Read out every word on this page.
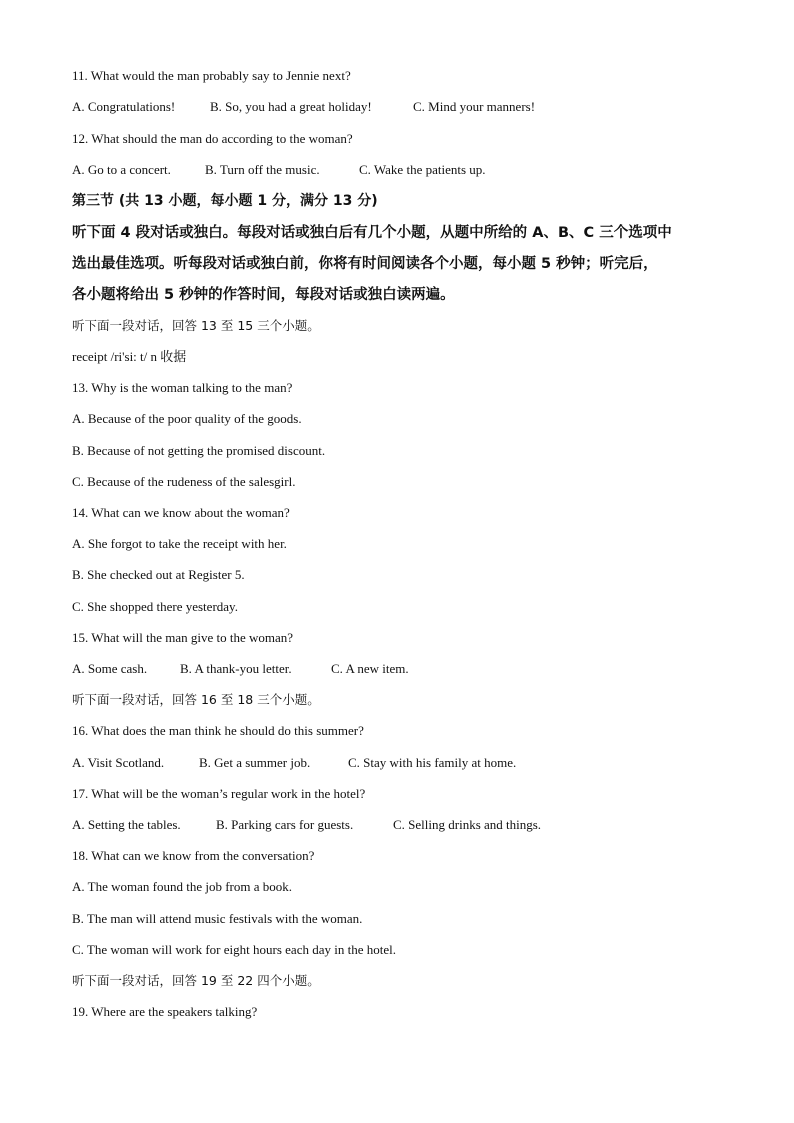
11. What would the man probably say to Jennie next?
A. Congratulations!	B. So, you had a great holiday!	C. Mind your manners!
12. What should the man do according to the woman?
A. Go to a concert.	B. Turn off the music.	C. Wake the patients up.
第三节 (共 13 小题，每小题 1 分，满分 13 分)
听下面 4 段对话或独白。每段对话或独白后有几个小题，从题中所给的 A、B、C 三个选项中
选出最佳选项。听每段对话或独白前，你将有时间阅读各个小题，每小题 5 秒钟；听完后，
各小题将给出 5 秒钟的作答时间，每段对话或独白读两遍。
听下面一段对话，回答 13 至 15 三个小题。
receipt /ri'si: t/ n 收据
13. Why is the woman talking to the man?
A. Because of the poor quality of the goods.
B. Because of not getting the promised discount.
C. Because of the rudeness of the salesgirl.
14. What can we know about the woman?
A. She forgot to take the receipt with her.
B. She checked out at Register 5.
C. She shopped there yesterday.
15. What will the man give to the woman?
A. Some cash.	B. A thank-you letter.	C. A new item.
听下面一段对话，回答 16 至 18 三个小题。
16. What does the man think he should do this summer?
A. Visit Scotland.	B. Get a summer job.	C. Stay with his family at home.
17. What will be the woman’s regular work in the hotel?
A. Setting the tables.	B. Parking cars for guests.	C. Selling drinks and things.
18. What can we know from the conversation?
A. The woman found the job from a book.
B. The man will attend music festivals with the woman.
C. The woman will work for eight hours each day in the hotel.
听下面一段对话，回答 19 至 22 四个小题。
19. Where are the speakers talking?
